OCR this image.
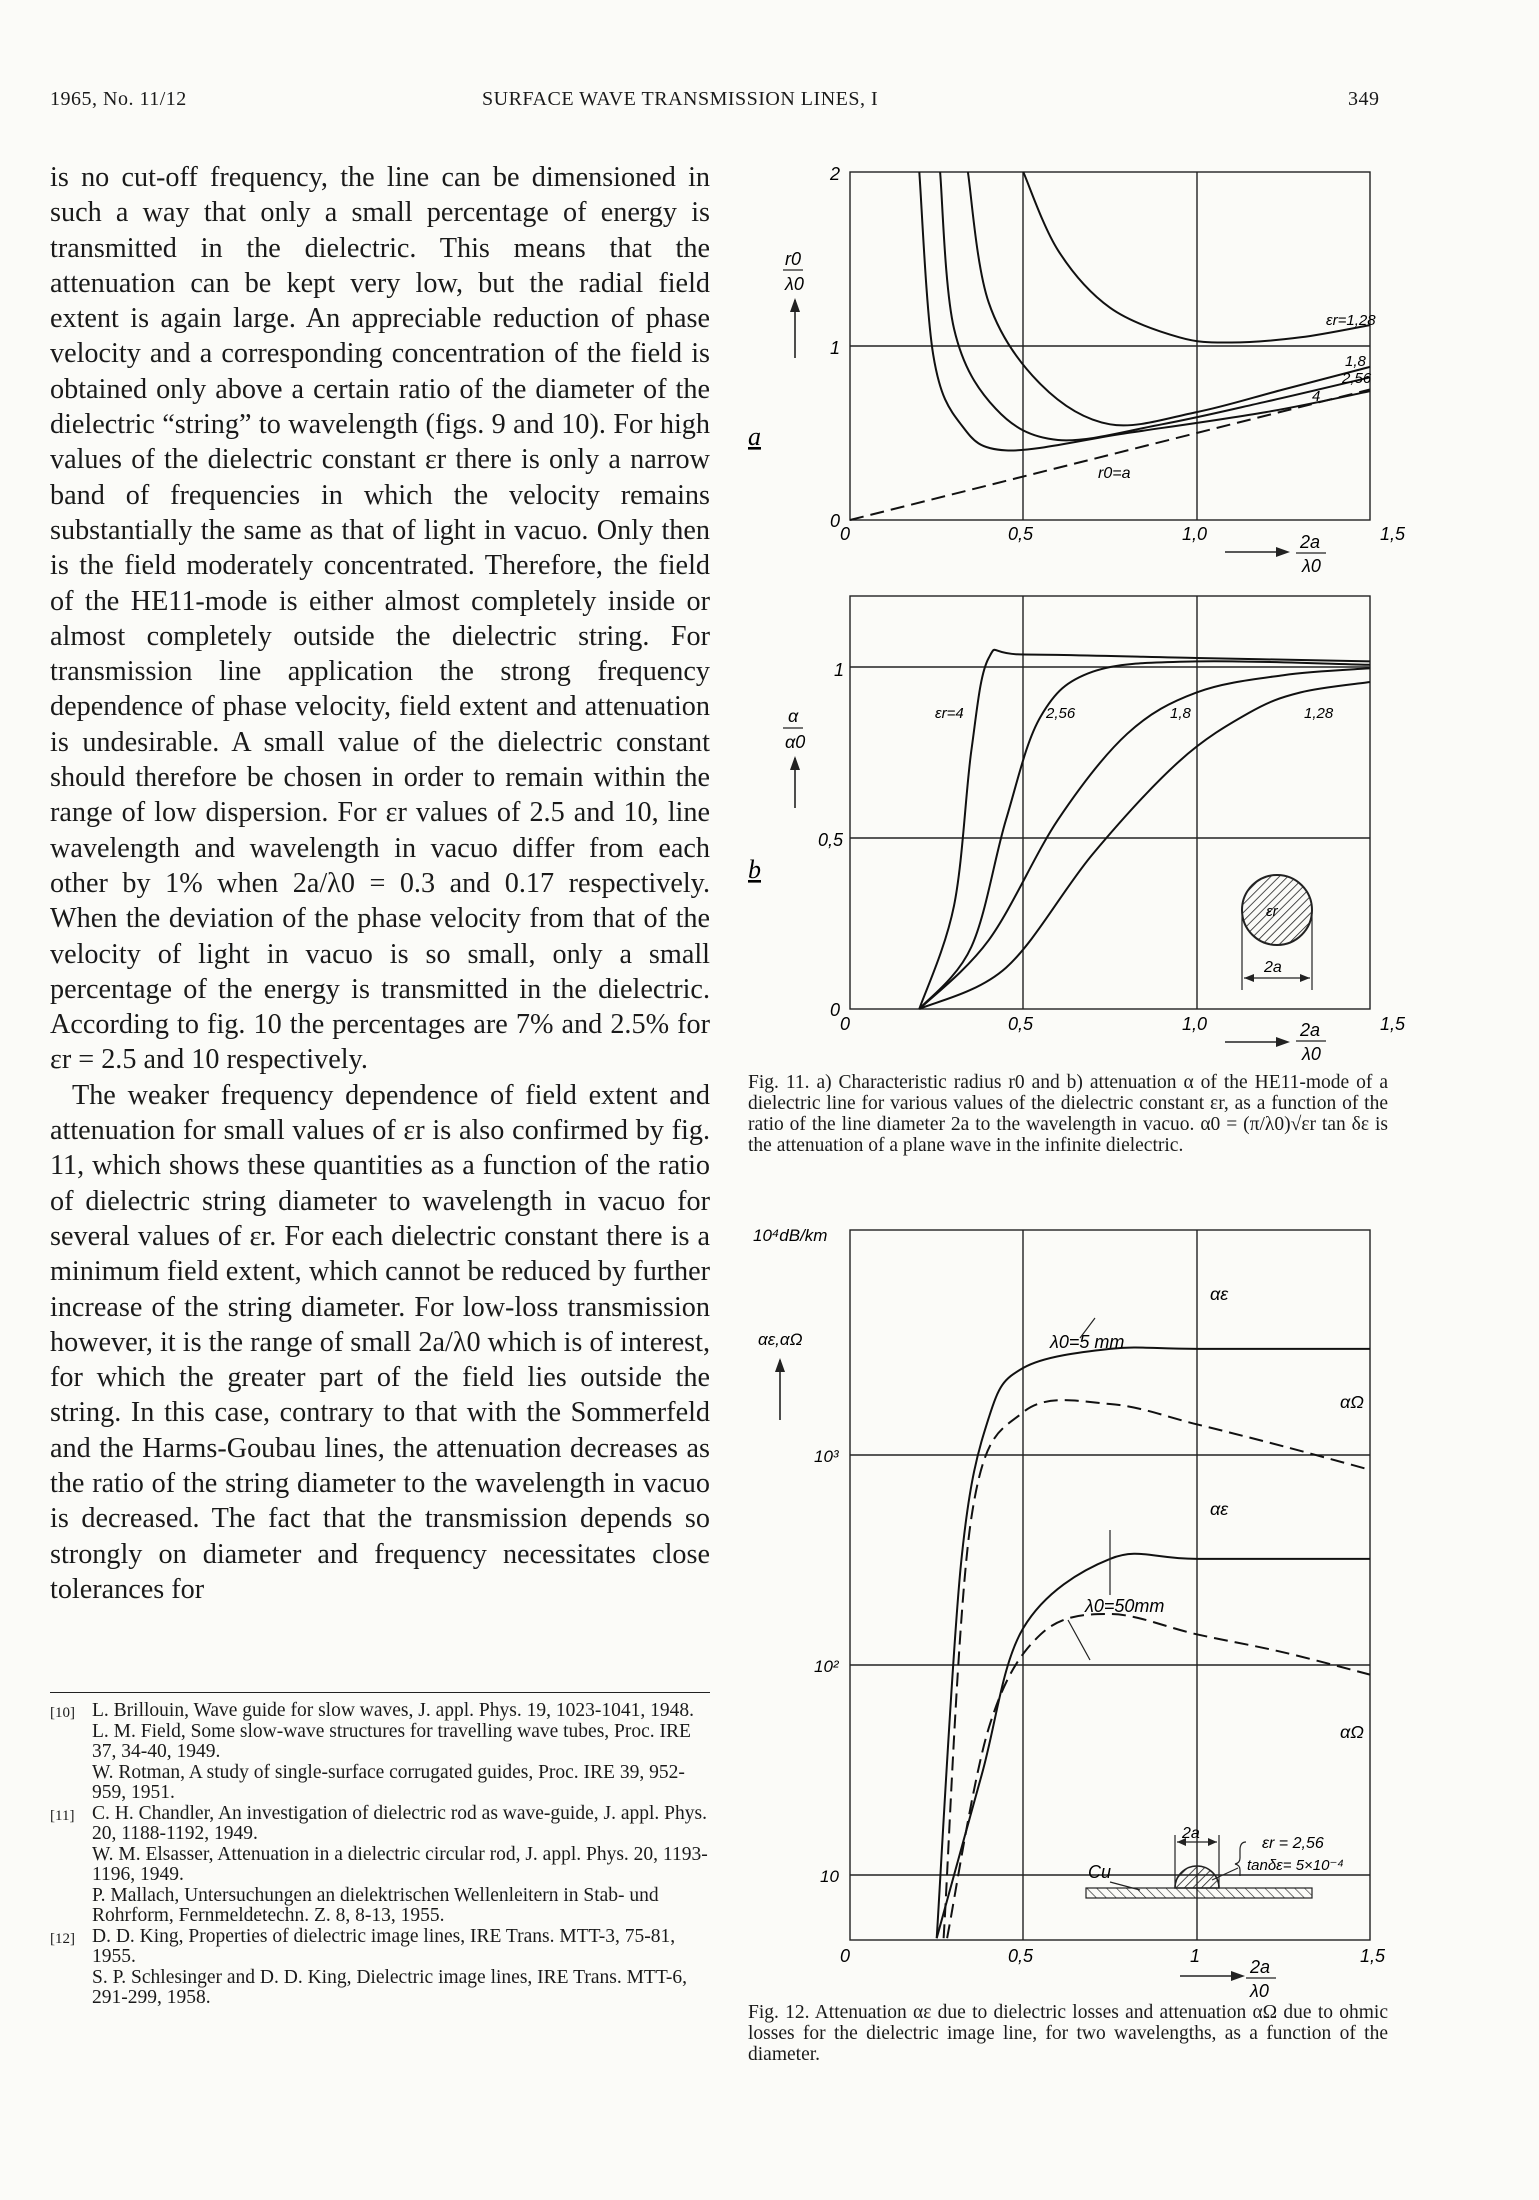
1965, No. 11/12	SURFACE WAVE TRANSMISSION LINES, I	349

is no cut-off frequency, the line can be dimensioned in such a way that only a small percentage of energy is transmitted in the dielectric. This means that the attenuation can be kept very low, but the radial field extent is again large. An appreciable reduction of phase velocity and a corresponding concentration of the field is obtained only above a certain ratio of the diameter of the dielectric “string” to wavelength (figs. 9 and 10). For high values of the dielectric constant εr there is only a narrow band of frequencies in which the velocity remains substantially the same as that of light in vacuo. Only then is the field moderately concentrated. Therefore, the field of the HE11-mode is either almost completely inside or almost completely outside the dielectric string. For transmission line application the strong frequency dependence of phase velocity, field extent and attenuation is undesirable. A small value of the dielectric constant should therefore be chosen in order to remain within the range of low dispersion. For εr values of 2.5 and 10, line wavelength and wavelength in vacuo differ from each other by 1% when 2a/λ0 = 0.3 and 0.17 respectively. When the deviation of the phase velocity from that of the velocity of light in vacuo is so small, only a small percentage of the energy is transmitted in the dielectric. According to fig. 10 the percentages are 7% and 2.5% for εr = 2.5 and 10 respectively.

The weaker frequency dependence of field extent and attenuation for small values of εr is also confirmed by fig. 11, which shows these quantities as a function of the ratio of dielectric string diameter to wavelength in vacuo for several values of εr. For each dielectric constant there is a minimum field extent, which cannot be reduced by further increase of the string diameter. For low-loss transmission however, it is the range of small 2a/λ0 which is of interest, for which the greater part of the field lies outside the string. In this case, contrary to that with the Sommerfeld and the Harms-Goubau lines, the attenuation decreases as the ratio of the string diameter to the wavelength in vacuo is decreased. The fact that the transmission depends so strongly on diameter and frequency necessitates close tolerances for

[10] L. Brillouin, Wave guide for slow waves, J. appl. Phys. 19, 1023-1041, 1948.
L. M. Field, Some slow-wave structures for travelling wave tubes, Proc. IRE 37, 34-40, 1949.
W. Rotman, A study of single-surface corrugated guides, Proc. IRE 39, 952-959, 1951.
[11] C. H. Chandler, An investigation of dielectric rod as wave-guide, J. appl. Phys. 20, 1188-1192, 1949.
W. M. Elsasser, Attenuation in a dielectric circular rod, J. appl. Phys. 20, 1193-1196, 1949.
P. Mallach, Untersuchungen an dielektrischen Wellenleitern in Stab- und Rohrform, Fernmeldetechn. Z. 8, 8-13, 1955.
[12] D. D. King, Properties of dielectric image lines, IRE Trans. MTT-3, 75-81, 1955.
S. P. Schlesinger and D. D. King, Dielectric image lines, IRE Trans. MTT-6, 291-299, 1958.
2
1
0
0	0,5	1,0	1,5
r0
λ0
2a
λ0
a
εr=1,28
1,8
2,56
4
r0=a
1
0,5
0
0	0,5	1,0	1,5
α
α0
2a
λ0
b
εr=4	2,56	1,8	1,28
εr
2a
Fig. 11. a) Characteristic radius r0 and b) attenuation α of the HE11-mode of a dielectric line for various values of the dielectric constant εr, as a function of the ratio of the line diameter 2a to the wavelength in vacuo. α0 = (π/λ0)√εr tan δε is the attenuation of a plane wave in the infinite dielectric.
10⁴dB/km
αε,αΩ
10³
10²
10
0	0,5	1	1,5
2a
λ0
αε
αΩ
λ0=5 mm
λ0=50mm
αε
αΩ
2a
Cu
εr = 2,56
tanδε= 5×10⁻⁴
Fig. 12. Attenuation αε due to dielectric losses and attenuation αΩ due to ohmic losses for the dielectric image line, for two wavelengths, as a function of the diameter.
